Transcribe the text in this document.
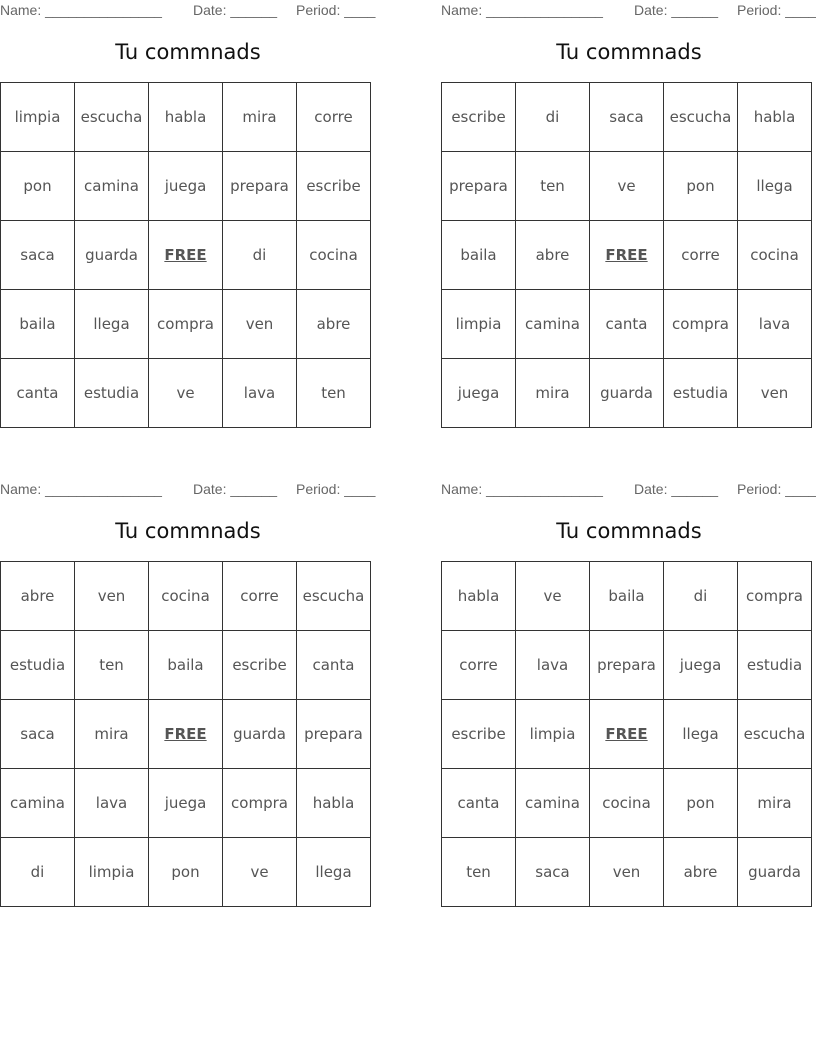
Name: _______________ Date: ______ Period: ____
Tu commnads
limpia	escucha	habla	mira	corre
pon	camina	juega	prepara	escribe
saca	guarda	FREE	di	cocina
baila	llega	compra	ven	abre
canta	estudia	ve	lava	ten
Name: _______________ Date: ______ Period: ____
Tu commnads
escribe	di	saca	escucha	habla
prepara	ten	ve	pon	llega
baila	abre	FREE	corre	cocina
limpia	camina	canta	compra	lava
juega	mira	guarda	estudia	ven
Name: _______________ Date: ______ Period: ____
Tu commnads
abre	ven	cocina	corre	escucha
estudia	ten	baila	escribe	canta
saca	mira	FREE	guarda	prepara
camina	lava	juega	compra	habla
di	limpia	pon	ve	llega
Name: _______________ Date: ______ Period: ____
Tu commnads
habla	ve	baila	di	compra
corre	lava	prepara	juega	estudia
escribe	limpia	FREE	llega	escucha
canta	camina	cocina	pon	mira
ten	saca	ven	abre	guarda
